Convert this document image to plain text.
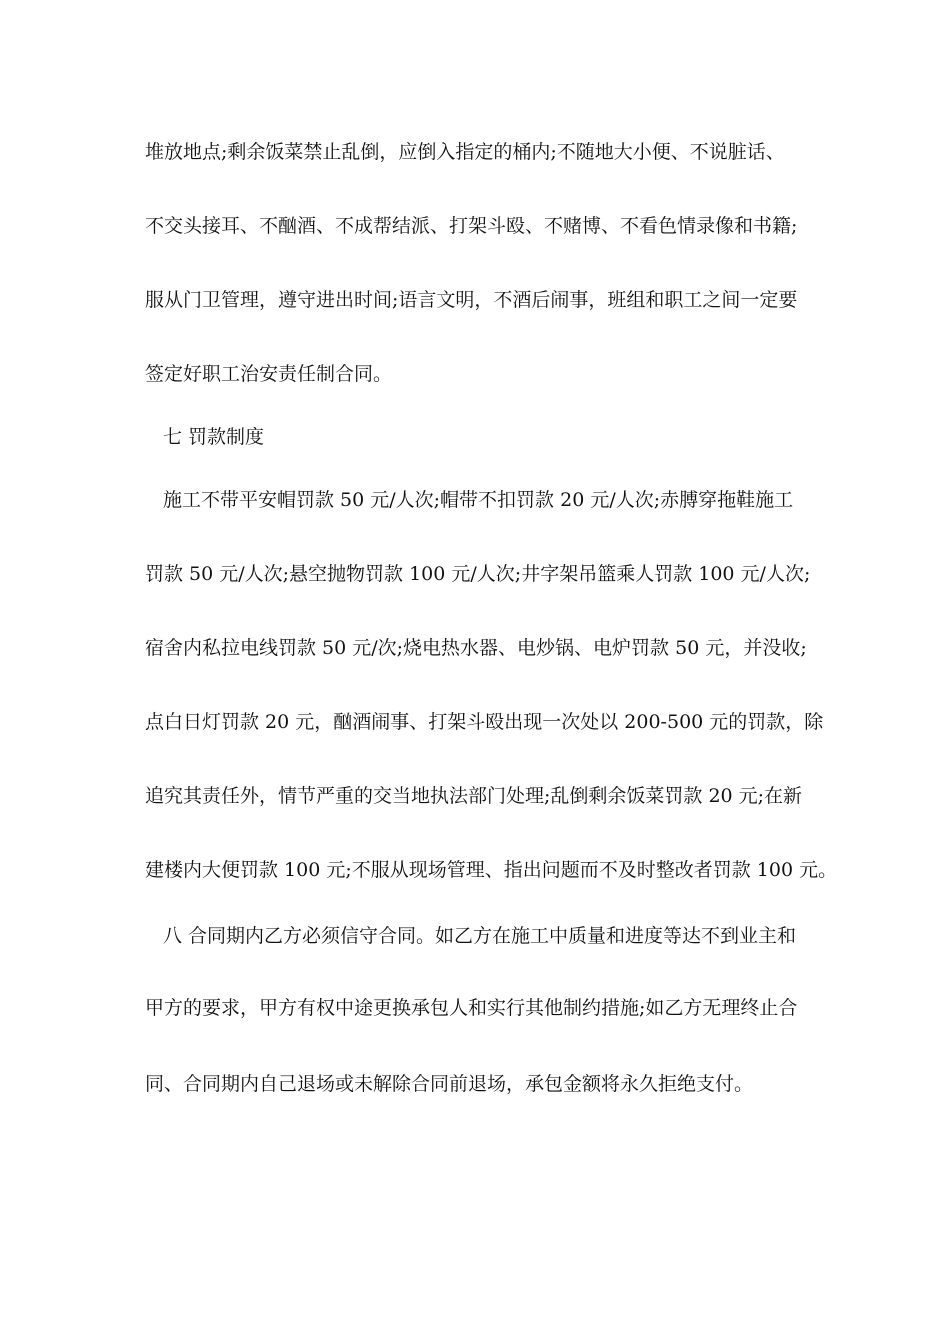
堆放地点;剩余饭菜禁止乱倒，应倒入指定的桶内;不随地大小便、不说脏话、
不交头接耳、不酗酒、不成帮结派、打架斗殴、不赌博、不看色情录像和书籍;
服从门卫管理，遵守进出时间;语言文明，不酒后闹事，班组和职工之间一定要
签定好职工治安责任制合同。
七 罚款制度
施工不带平安帽罚款 50 元/人次;帽带不扣罚款 20 元/人次;赤膊穿拖鞋施工
罚款 50 元/人次;悬空抛物罚款 100 元/人次;井字架吊篮乘人罚款 100 元/人次;
宿舍内私拉电线罚款 50 元/次;烧电热水器、电炒锅、电炉罚款 50 元，并没收;
点白日灯罚款 20 元，酗酒闹事、打架斗殴出现一次处以 200-500 元的罚款，除
追究其责任外，情节严重的交当地执法部门处理;乱倒剩余饭菜罚款 20 元;在新
建楼内大便罚款 100 元;不服从现场管理、指出问题而不及时整改者罚款 100 元。
八 合同期内乙方必须信守合同。如乙方在施工中质量和进度等达不到业主和
甲方的要求，甲方有权中途更换承包人和实行其他制约措施;如乙方无理终止合
同、合同期内自己退场或未解除合同前退场，承包金额将永久拒绝支付。
